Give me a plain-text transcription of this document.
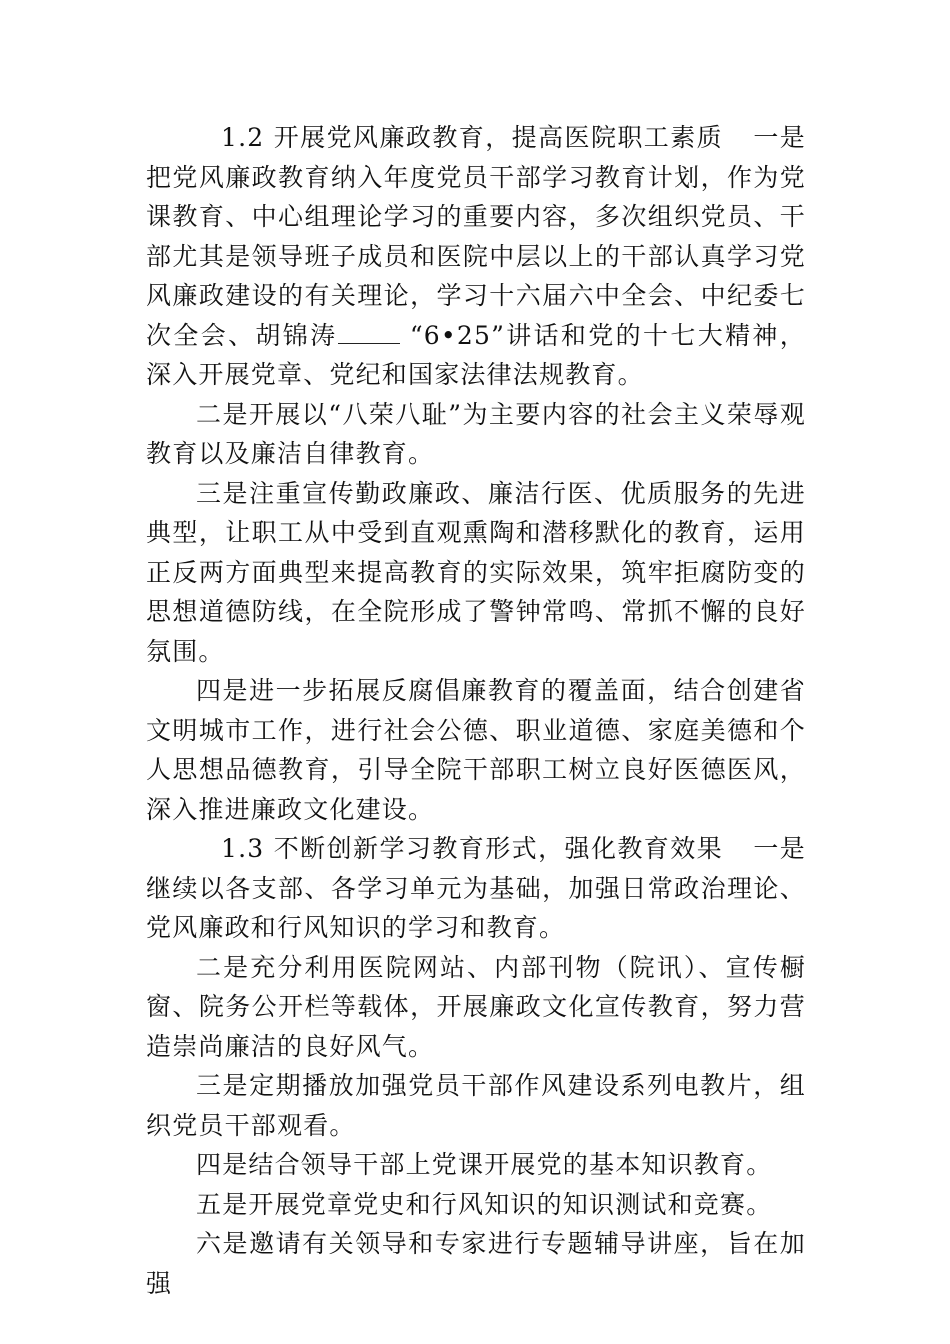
1.2 开展党风廉政教育，提高医院职工素质 一是把党风廉政教育纳入年度党员干部学习教育计划，作为党课教育、中心组理论学习的重要内容，多次组织党员、干部尤其是领导班子成员和医院中层以上的干部认真学习党风廉政建设的有关理论，学习十六届六中全会、中纪委七次全会、胡锦涛	“6•25”讲话和党的十七大精神，深入开展党章、党纪和国家法律法规教育。

二是开展以“八荣八耻”为主要内容的社会主义荣辱观教育以及廉洁自律教育。

三是注重宣传勤政廉政、廉洁行医、优质服务的先进典型，让职工从中受到直观熏陶和潜移默化的教育，运用正反两方面典型来提高教育的实际效果，筑牢拒腐防变的思想道德防线，在全院形成了警钟常鸣、常抓不懈的良好氛围。

四是进一步拓展反腐倡廉教育的覆盖面，结合创建省文明城市工作，进行社会公德、职业道德、家庭美德和个人思想品德教育，引导全院干部职工树立良好医德医风，深入推进廉政文化建设。

1.3 不断创新学习教育形式，强化教育效果 一是继续以各支部、各学习单元为基础，加强日常政治理论、党风廉政和行风知识的学习和教育。

二是充分利用医院网站、内部刊物（院讯）、宣传橱窗、院务公开栏等载体，开展廉政文化宣传教育，努力营造崇尚廉洁的良好风气。

三是定期播放加强党员干部作风建设系列电教片，组织党员干部观看。

四是结合领导干部上党课开展党的基本知识教育。

五是开展党章党史和行风知识的知识测试和竞赛。

六是邀请有关领导和专家进行专题辅导讲座，旨在加强
